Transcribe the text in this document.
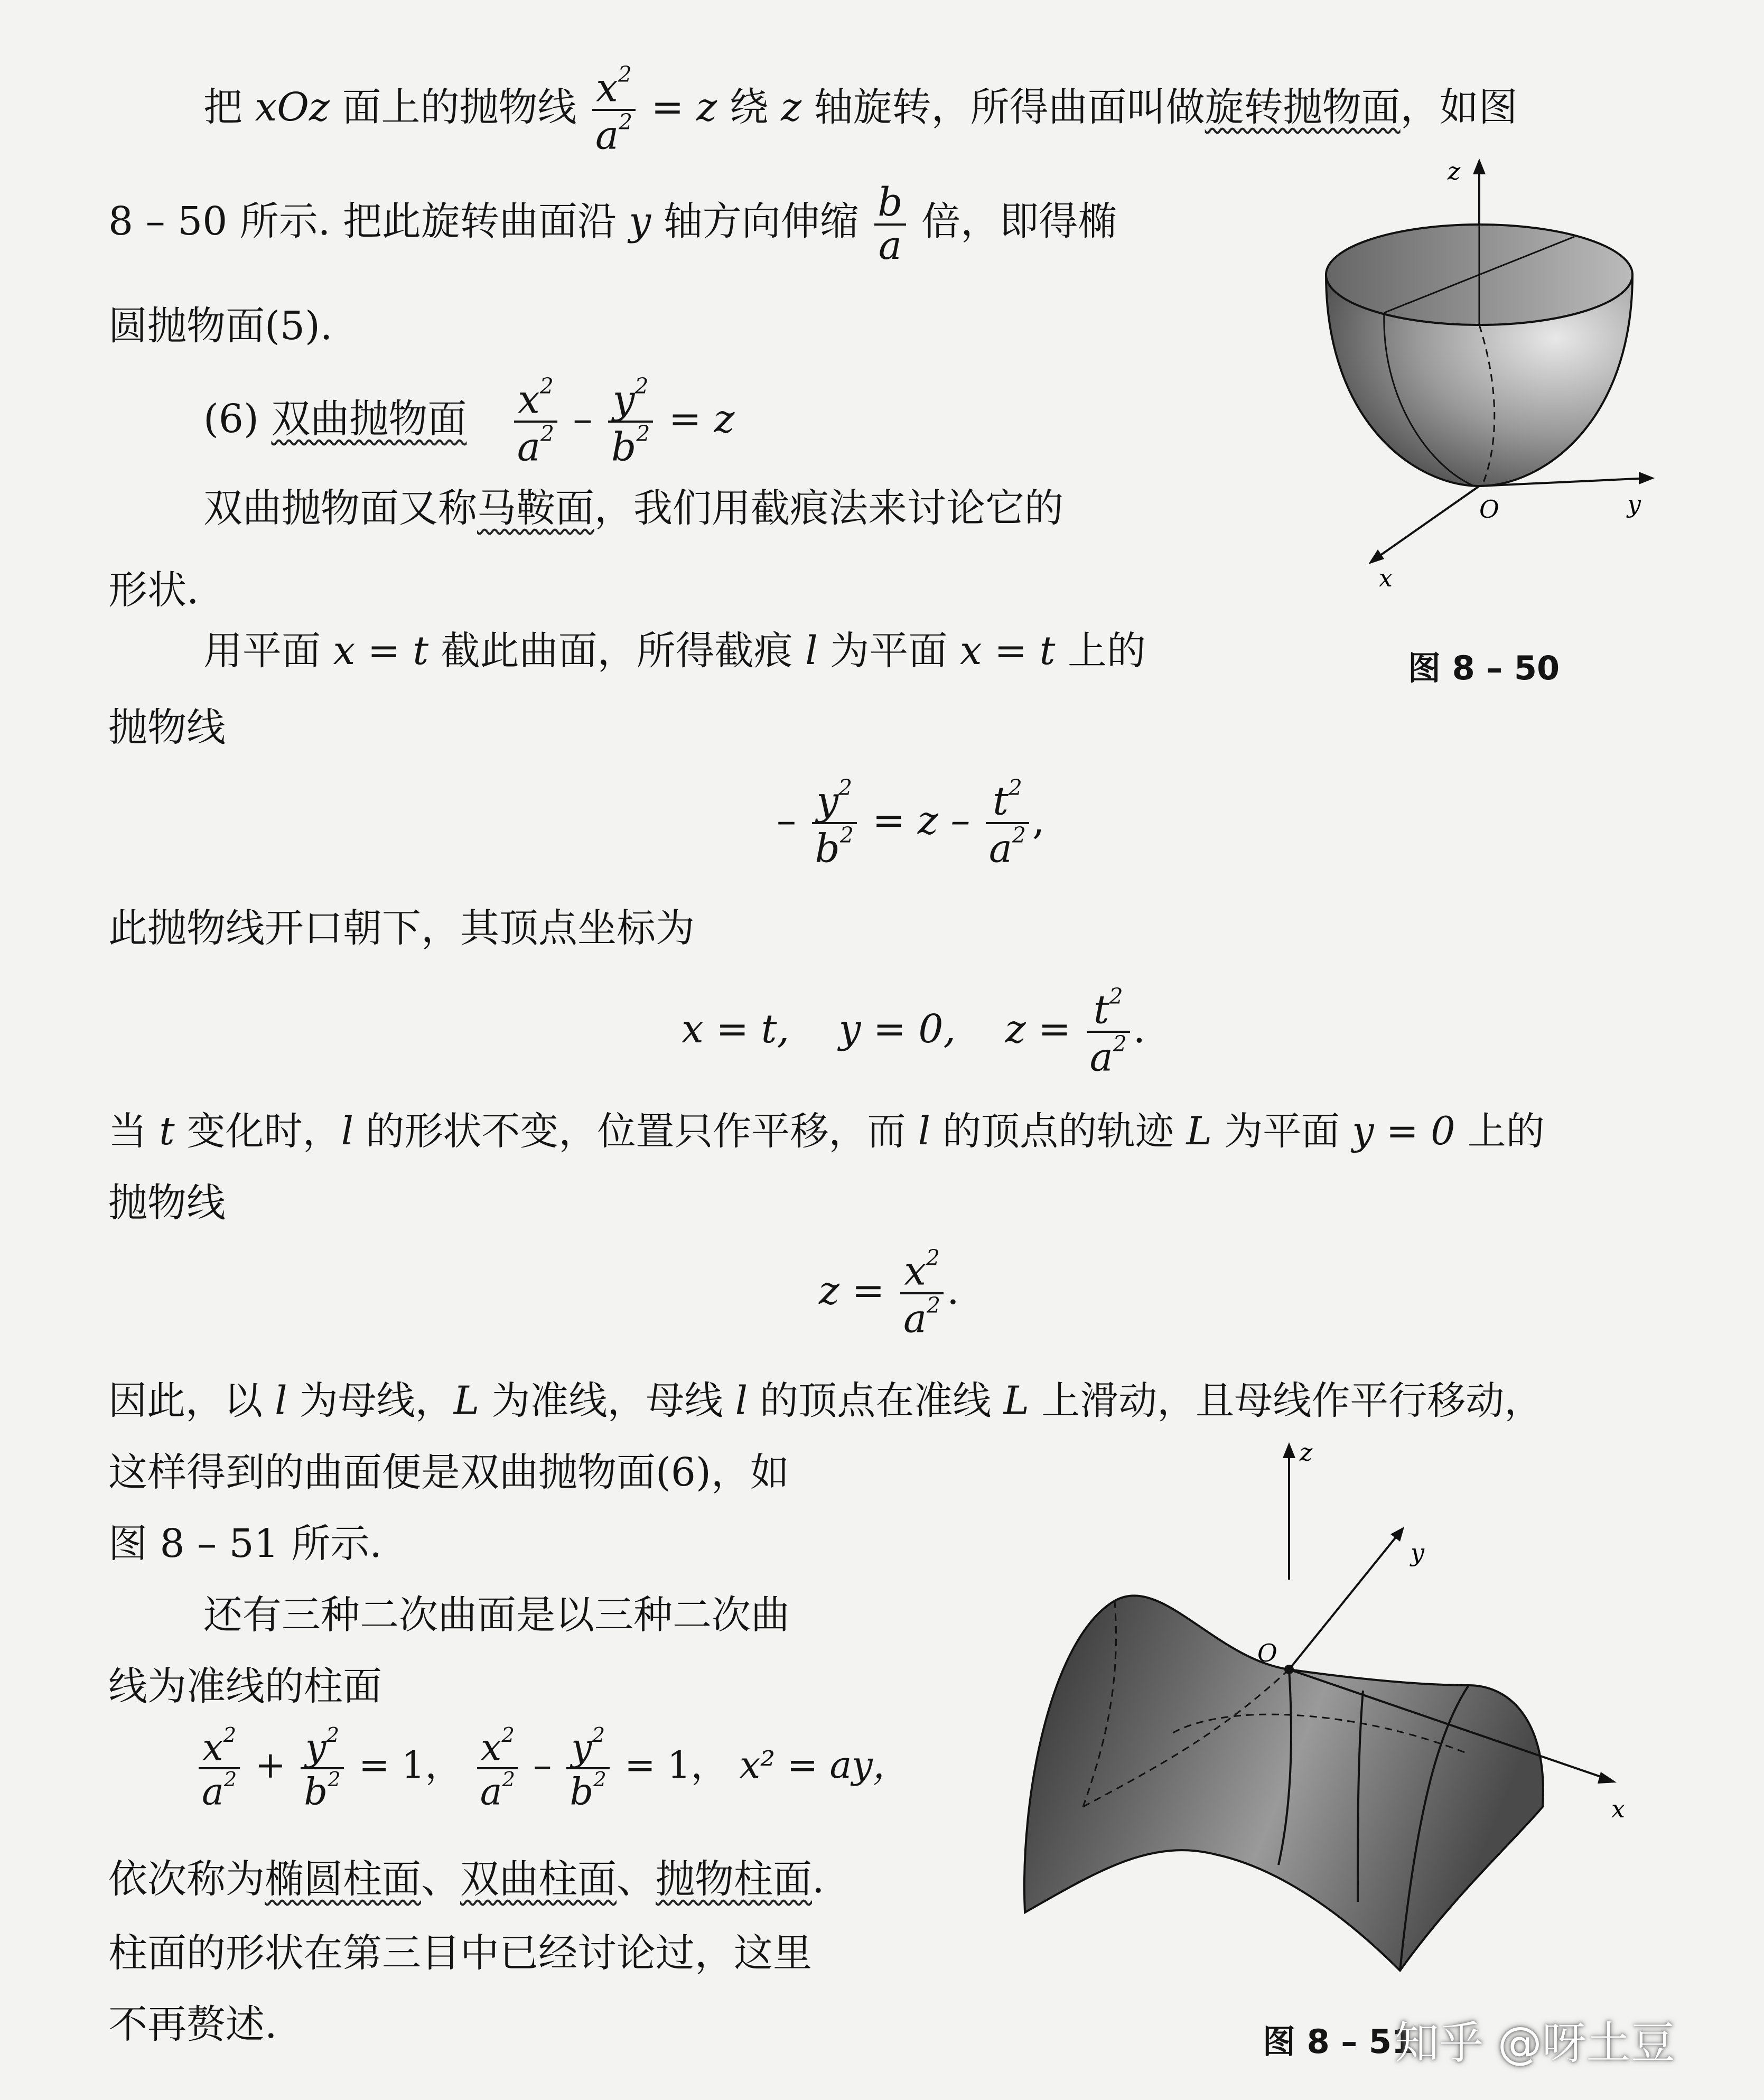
把 xOz 面上的抛物线 $\frac{x^2}{a^2} = z$ 绕 z 轴旋转，所得曲面叫做旋转抛物面，如图
8 – 50 所示. 把此旋转曲面沿 y 轴方向伸缩 $\frac{b}{a}$ 倍，即得椭
圆抛物面(5).
(6) 双曲抛物面 $\frac{x^2}{a^2} - \frac{y^2}{b^2} = z$
双曲抛物面又称马鞍面，我们用截痕法来讨论它的
形状.
用平面 x = t 截此曲面，所得截痕 l 为平面 x = t 上的
抛物线
– $\frac{y^2}{b^2} = z - \frac{t^2}{a^2}$ ,
此抛物线开口朝下，其顶点坐标为
x = t, y = 0, $z = \frac{t^2}{a^2}$ .
当 t 变化时，l 的形状不变，位置只作平移，而 l 的顶点的轨迹 L 为平面 y = 0 上的
抛物线
$z = \frac{x^2}{a^2}$ .
因此，以 l 为母线，L 为准线，母线 l 的顶点在准线 L 上滑动，且母线作平行移动，
这样得到的曲面便是双曲抛物面(6)，如
图 8 – 51 所示.
还有三种二次曲面是以三种二次曲
线为准线的柱面
$\frac{x^2}{a^2} + \frac{y^2}{b^2} = 1$， $\frac{x^2}{a^2} - \frac{y^2}{b^2} = 1$， x² = ay，
依次称为椭圆柱面、双曲柱面、抛物柱面.
柱面的形状在第三目中已经讨论过，这里
不再赘述.
z
y
x
O
图 8 – 50
z
y
x
O
图 8 – 51
知乎 @呀土豆
